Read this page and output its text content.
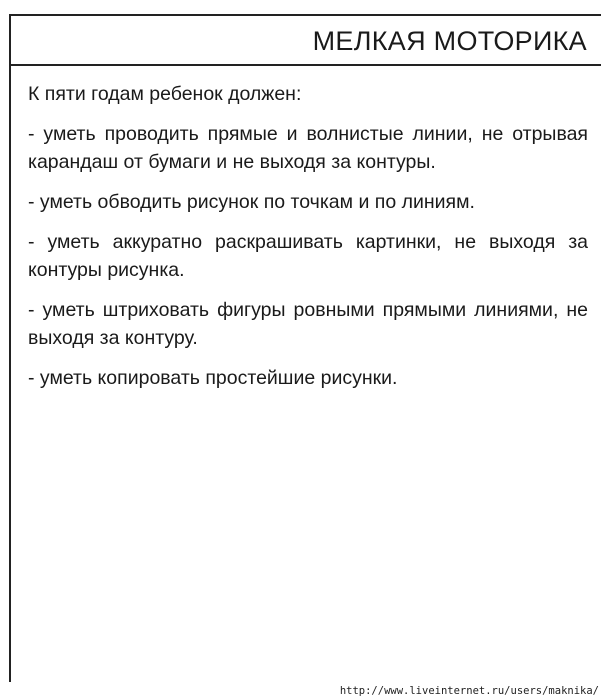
МЕЛКАЯ МОТОРИКА

К пяти годам ребенок должен:

- уметь проводить прямые и волнистые линии, не отрывая карандаш от бумаги и не выходя за контуры.

- уметь обводить рисунок по точкам и по линиям.

- уметь аккуратно раскрашивать картинки, не выходя за контуры рисунка.

- уметь штриховать фигуры ровными прямыми линиями, не выходя за контуру.

- уметь копировать простейшие рисунки.

http://www.liveinternet.ru/users/maknika/
